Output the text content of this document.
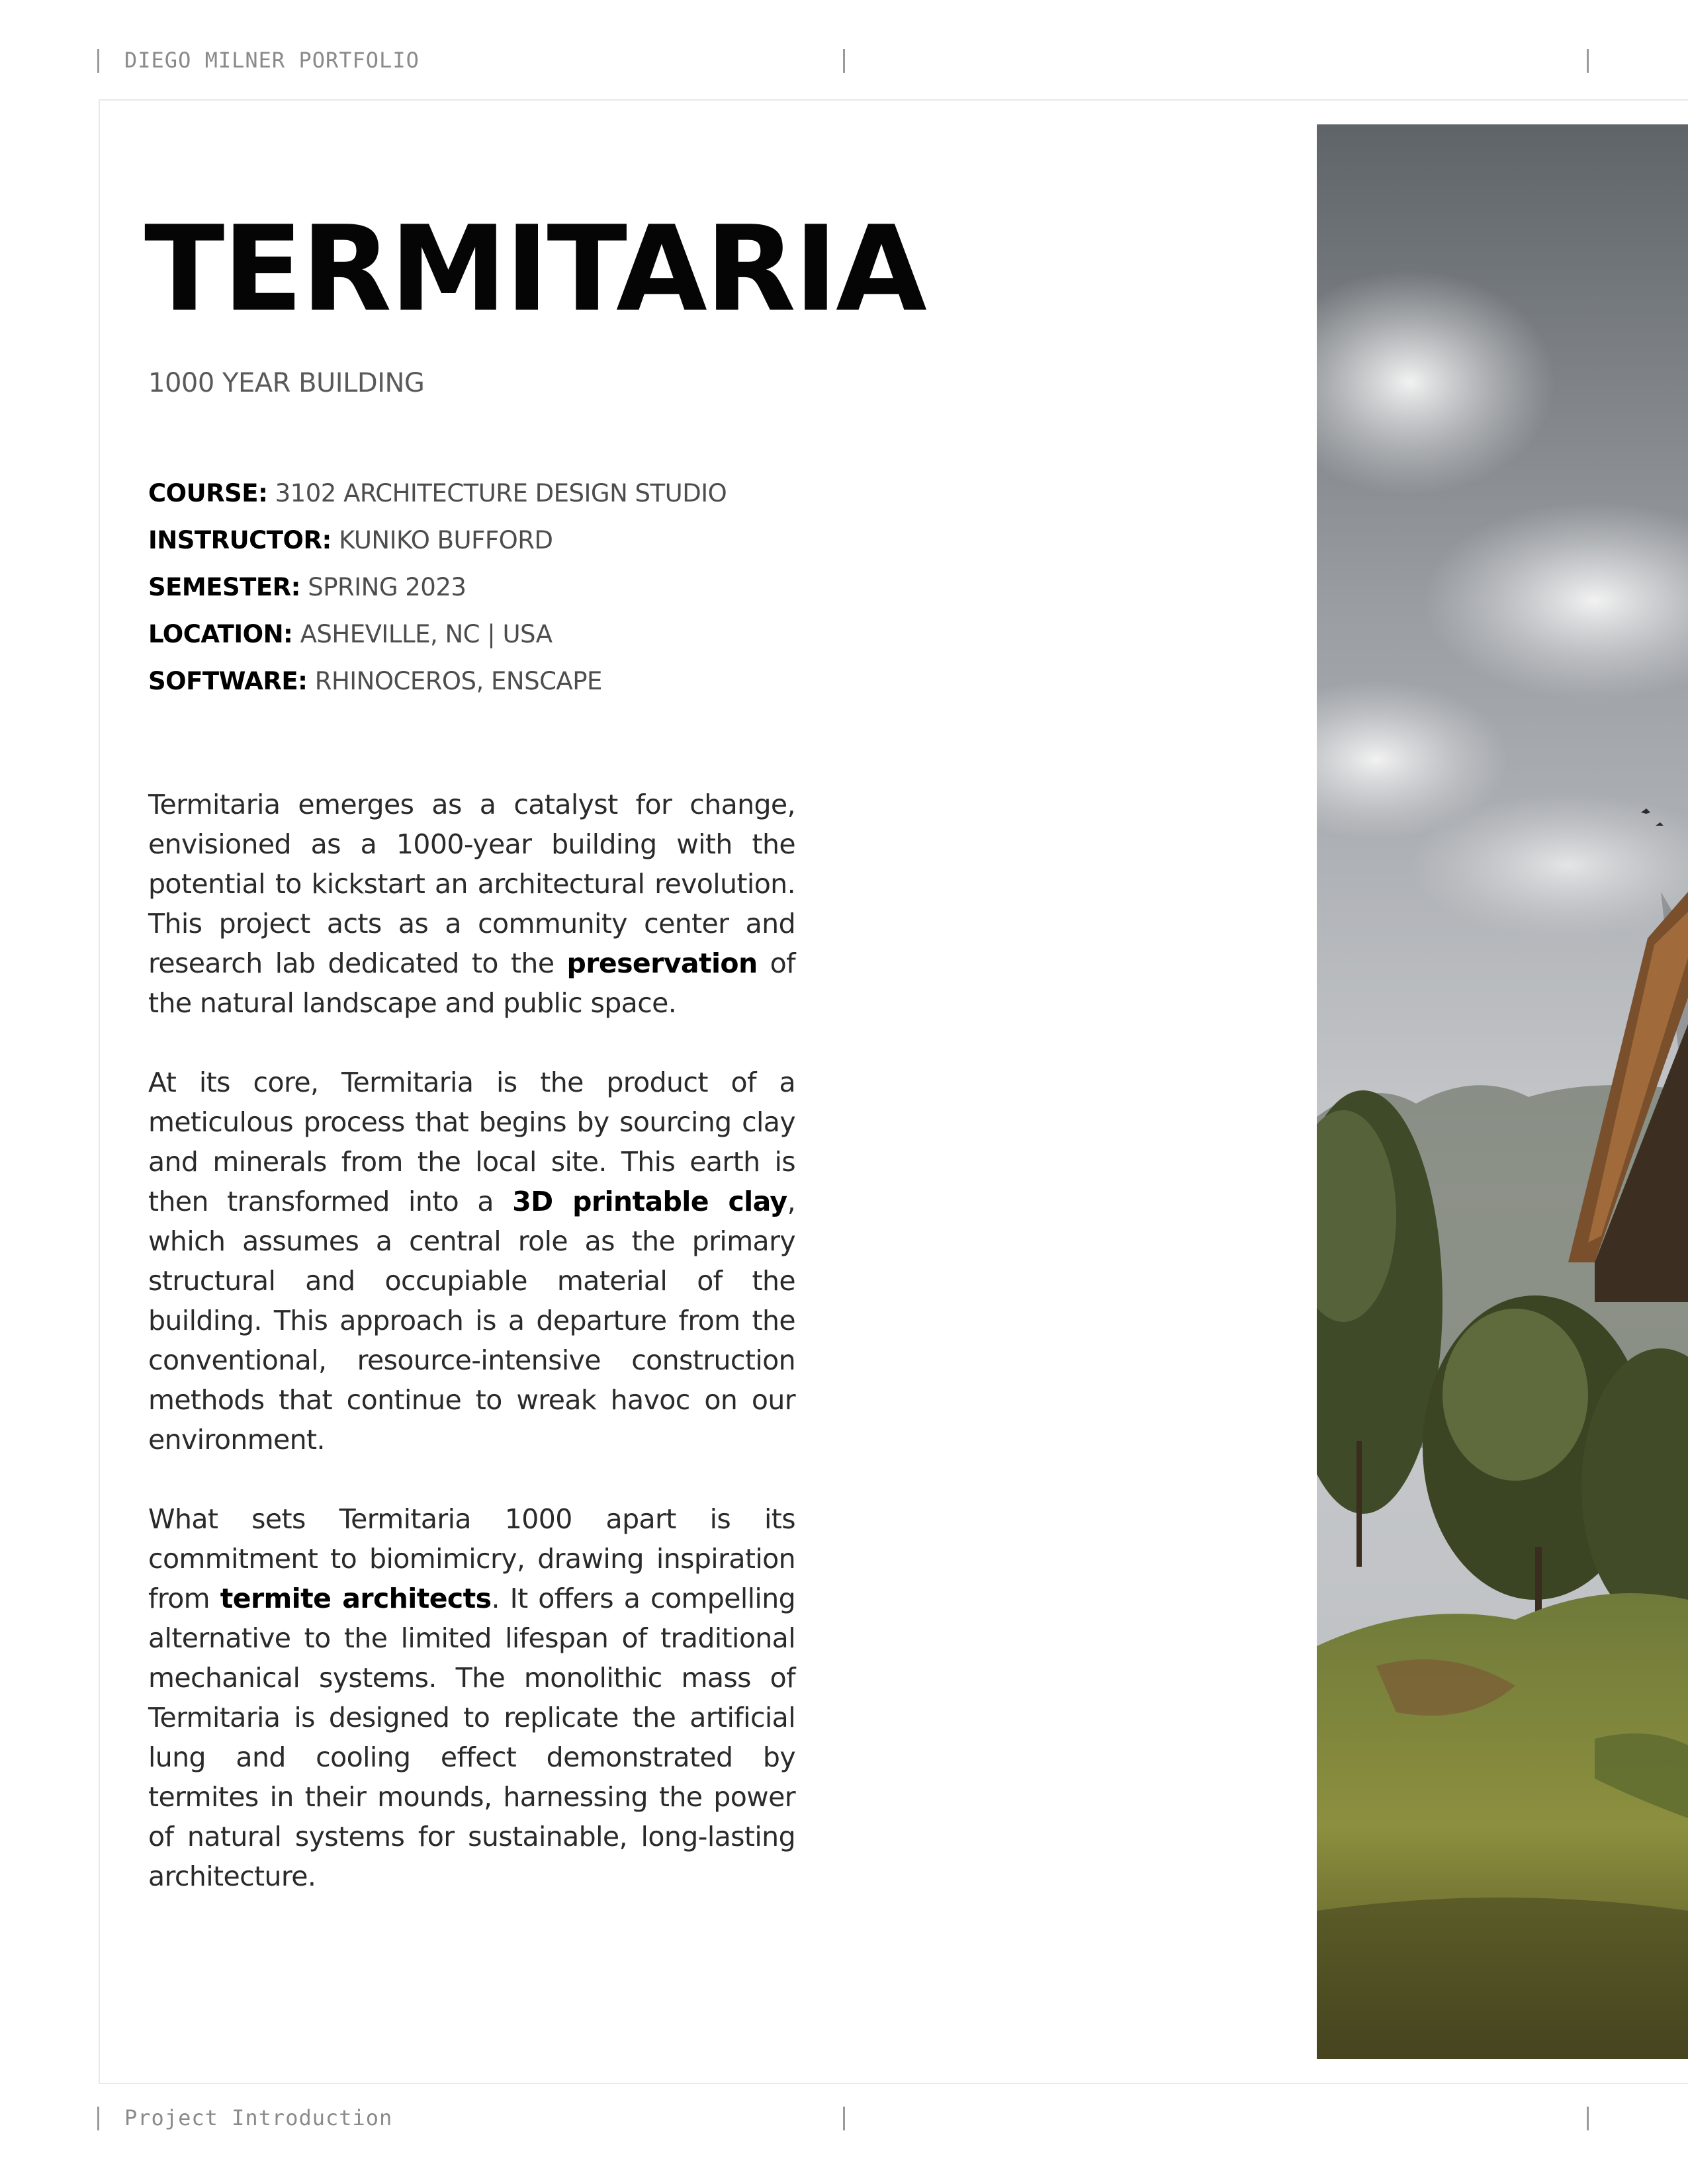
DIEGO MILNER PORTFOLIO
TERMITARIA
1000 YEAR BUILDING
COURSE: 3102 ARCHITECTURE DESIGN STUDIO
INSTRUCTOR: KUNIKO BUFFORD
SEMESTER: SPRING 2023
LOCATION: ASHEVILLE, NC | USA
SOFTWARE: RHINOCEROS, ENSCAPE

Termitaria emerges as a catalyst for change, envisioned as a 1000-year building with the potential to kickstart an architectural revolution. This project acts as a community center and research lab dedicated to the preservation of the natural landscape and public space.

At its core, Termitaria is the product of a meticulous process that begins by sourcing clay and minerals from the local site. This earth is then transformed into a 3D printable clay, which assumes a central role as the primary structural and occupiable material of the building. This approach is a departure from the conventional, resource-intensive construction methods that continue to wreak havoc on our environment.

What sets Termitaria 1000 apart is its commitment to biomimicry, drawing inspiration from termite architects. It offers a compelling alternative to the limited lifespan of traditional mechanical systems. The monolithic mass of Termitaria is designed to replicate the artificial lung and cooling effect demonstrated by termites in their mounds, harnessing the power of natural systems for sustainable, long-lasting architecture.

Project Introduction
